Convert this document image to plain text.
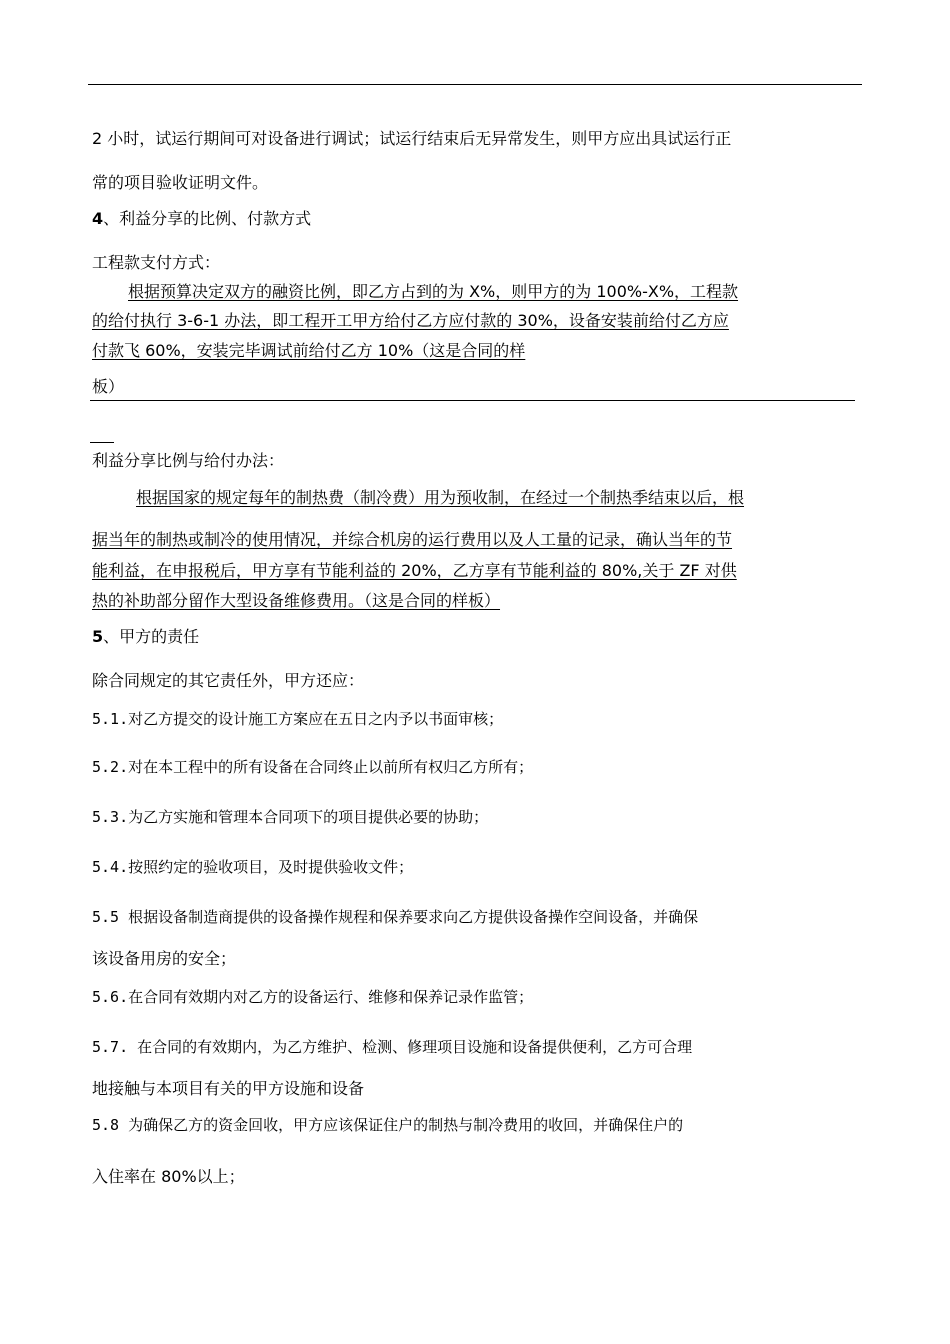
2 小时，试运行期间可对设备进行调试；试运行结束后无异常发生，则甲方应出具试运行正
常的项目验收证明文件。
4、利益分享的比例、付款方式
工程款支付方式：
根据预算决定双方的融资比例，即乙方占到的为 X%，则甲方的为 100%-X%，工程款
的给付执行 3-6-1 办法，即工程开工甲方给付乙方应付款的 30%，设备安装前给付乙方应
付款飞 60%，安装完毕调试前给付乙方 10%（这是合同的样
板）
利益分享比例与给付办法：
根据国家的规定每年的制热费（制冷费）用为预收制，在经过一个制热季结束以后，根
据当年的制热或制冷的使用情况，并综合机房的运行费用以及人工量的记录，确认当年的节
能利益，在申报税后，甲方享有节能利益的 20%，乙方享有节能利益的 80%,关于 ZF 对供
热的补助部分留作大型设备维修费用。（这是合同的样板）
5、甲方的责任
除合同规定的其它责任外，甲方还应：
5.1.对乙方提交的设计施工方案应在五日之内予以书面审核；
5.2.对在本工程中的所有设备在合同终止以前所有权归乙方所有；
5.3.为乙方实施和管理本合同项下的项目提供必要的协助；
5.4.按照约定的验收项目，及时提供验收文件；
5.5 根据设备制造商提供的设备操作规程和保养要求向乙方提供设备操作空间设备，并确保
该设备用房的安全；
5.6.在合同有效期内对乙方的设备运行、维修和保养记录作监管；
5.7. 在合同的有效期内，为乙方维护、检测、修理项目设施和设备提供便利，乙方可合理
地接触与本项目有关的甲方设施和设备
5.8 为确保乙方的资金回收，甲方应该保证住户的制热与制冷费用的收回，并确保住户的
入住率在 80%以上；
